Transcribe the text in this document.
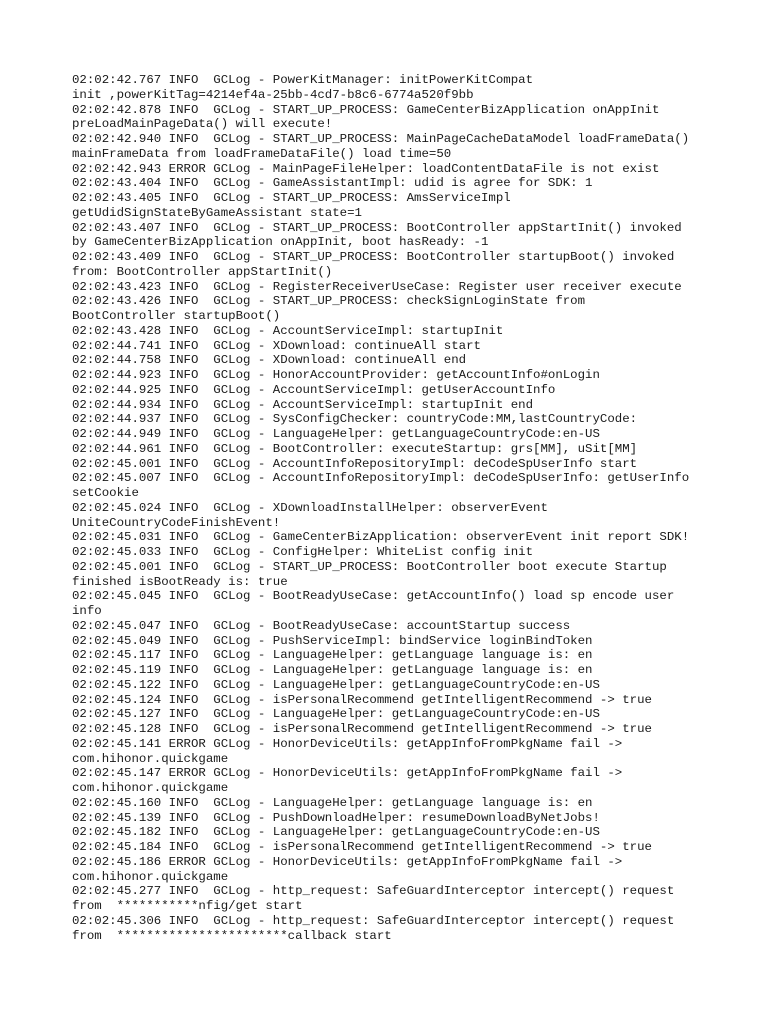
02:02:42.767 INFO  GCLog - PowerKitManager: initPowerKitCompat
init ,powerKitTag=4214ef4a-25bb-4cd7-b8c6-6774a520f9bb
02:02:42.878 INFO  GCLog - START_UP_PROCESS: GameCenterBizApplication onAppInit
preLoadMainPageData() will execute!
02:02:42.940 INFO  GCLog - START_UP_PROCESS: MainPageCacheDataModel loadFrameData()
mainFrameData from loadFrameDataFile() load time=50
02:02:42.943 ERROR GCLog - MainPageFileHelper: loadContentDataFile is not exist
02:02:43.404 INFO  GCLog - GameAssistantImpl: udid is agree for SDK: 1
02:02:43.405 INFO  GCLog - START_UP_PROCESS: AmsServiceImpl
getUdidSignStateByGameAssistant state=1
02:02:43.407 INFO  GCLog - START_UP_PROCESS: BootController appStartInit() invoked
by GameCenterBizApplication onAppInit, boot hasReady: -1
02:02:43.409 INFO  GCLog - START_UP_PROCESS: BootController startupBoot() invoked
from: BootController appStartInit()
02:02:43.423 INFO  GCLog - RegisterReceiverUseCase: Register user receiver execute
02:02:43.426 INFO  GCLog - START_UP_PROCESS: checkSignLoginState from
BootController startupBoot()
02:02:43.428 INFO  GCLog - AccountServiceImpl: startupInit
02:02:44.741 INFO  GCLog - XDownload: continueAll start
02:02:44.758 INFO  GCLog - XDownload: continueAll end
02:02:44.923 INFO  GCLog - HonorAccountProvider: getAccountInfo#onLogin
02:02:44.925 INFO  GCLog - AccountServiceImpl: getUserAccountInfo
02:02:44.934 INFO  GCLog - AccountServiceImpl: startupInit end
02:02:44.937 INFO  GCLog - SysConfigChecker: countryCode:MM,lastCountryCode:
02:02:44.949 INFO  GCLog - LanguageHelper: getLanguageCountryCode:en-US
02:02:44.961 INFO  GCLog - BootController: executeStartup: grs[MM], uSit[MM]
02:02:45.001 INFO  GCLog - AccountInfoRepositoryImpl: deCodeSpUserInfo start
02:02:45.007 INFO  GCLog - AccountInfoRepositoryImpl: deCodeSpUserInfo: getUserInfo
setCookie
02:02:45.024 INFO  GCLog - XDownloadInstallHelper: observerEvent
UniteCountryCodeFinishEvent!
02:02:45.031 INFO  GCLog - GameCenterBizApplication: observerEvent init report SDK!
02:02:45.033 INFO  GCLog - ConfigHelper: WhiteList config init
02:02:45.001 INFO  GCLog - START_UP_PROCESS: BootController boot execute Startup
finished isBootReady is: true
02:02:45.045 INFO  GCLog - BootReadyUseCase: getAccountInfo() load sp encode user
info
02:02:45.047 INFO  GCLog - BootReadyUseCase: accountStartup success
02:02:45.049 INFO  GCLog - PushServiceImpl: bindService loginBindToken
02:02:45.117 INFO  GCLog - LanguageHelper: getLanguage language is: en
02:02:45.119 INFO  GCLog - LanguageHelper: getLanguage language is: en
02:02:45.122 INFO  GCLog - LanguageHelper: getLanguageCountryCode:en-US
02:02:45.124 INFO  GCLog - isPersonalRecommend getIntelligentRecommend -> true
02:02:45.127 INFO  GCLog - LanguageHelper: getLanguageCountryCode:en-US
02:02:45.128 INFO  GCLog - isPersonalRecommend getIntelligentRecommend -> true
02:02:45.141 ERROR GCLog - HonorDeviceUtils: getAppInfoFromPkgName fail ->
com.hihonor.quickgame
02:02:45.147 ERROR GCLog - HonorDeviceUtils: getAppInfoFromPkgName fail ->
com.hihonor.quickgame
02:02:45.160 INFO  GCLog - LanguageHelper: getLanguage language is: en
02:02:45.139 INFO  GCLog - PushDownloadHelper: resumeDownloadByNetJobs!
02:02:45.182 INFO  GCLog - LanguageHelper: getLanguageCountryCode:en-US
02:02:45.184 INFO  GCLog - isPersonalRecommend getIntelligentRecommend -> true
02:02:45.186 ERROR GCLog - HonorDeviceUtils: getAppInfoFromPkgName fail ->
com.hihonor.quickgame
02:02:45.277 INFO  GCLog - http_request: SafeGuardInterceptor intercept() request
from  ***********nfig/get start
02:02:45.306 INFO  GCLog - http_request: SafeGuardInterceptor intercept() request
from  ***********************callback start
